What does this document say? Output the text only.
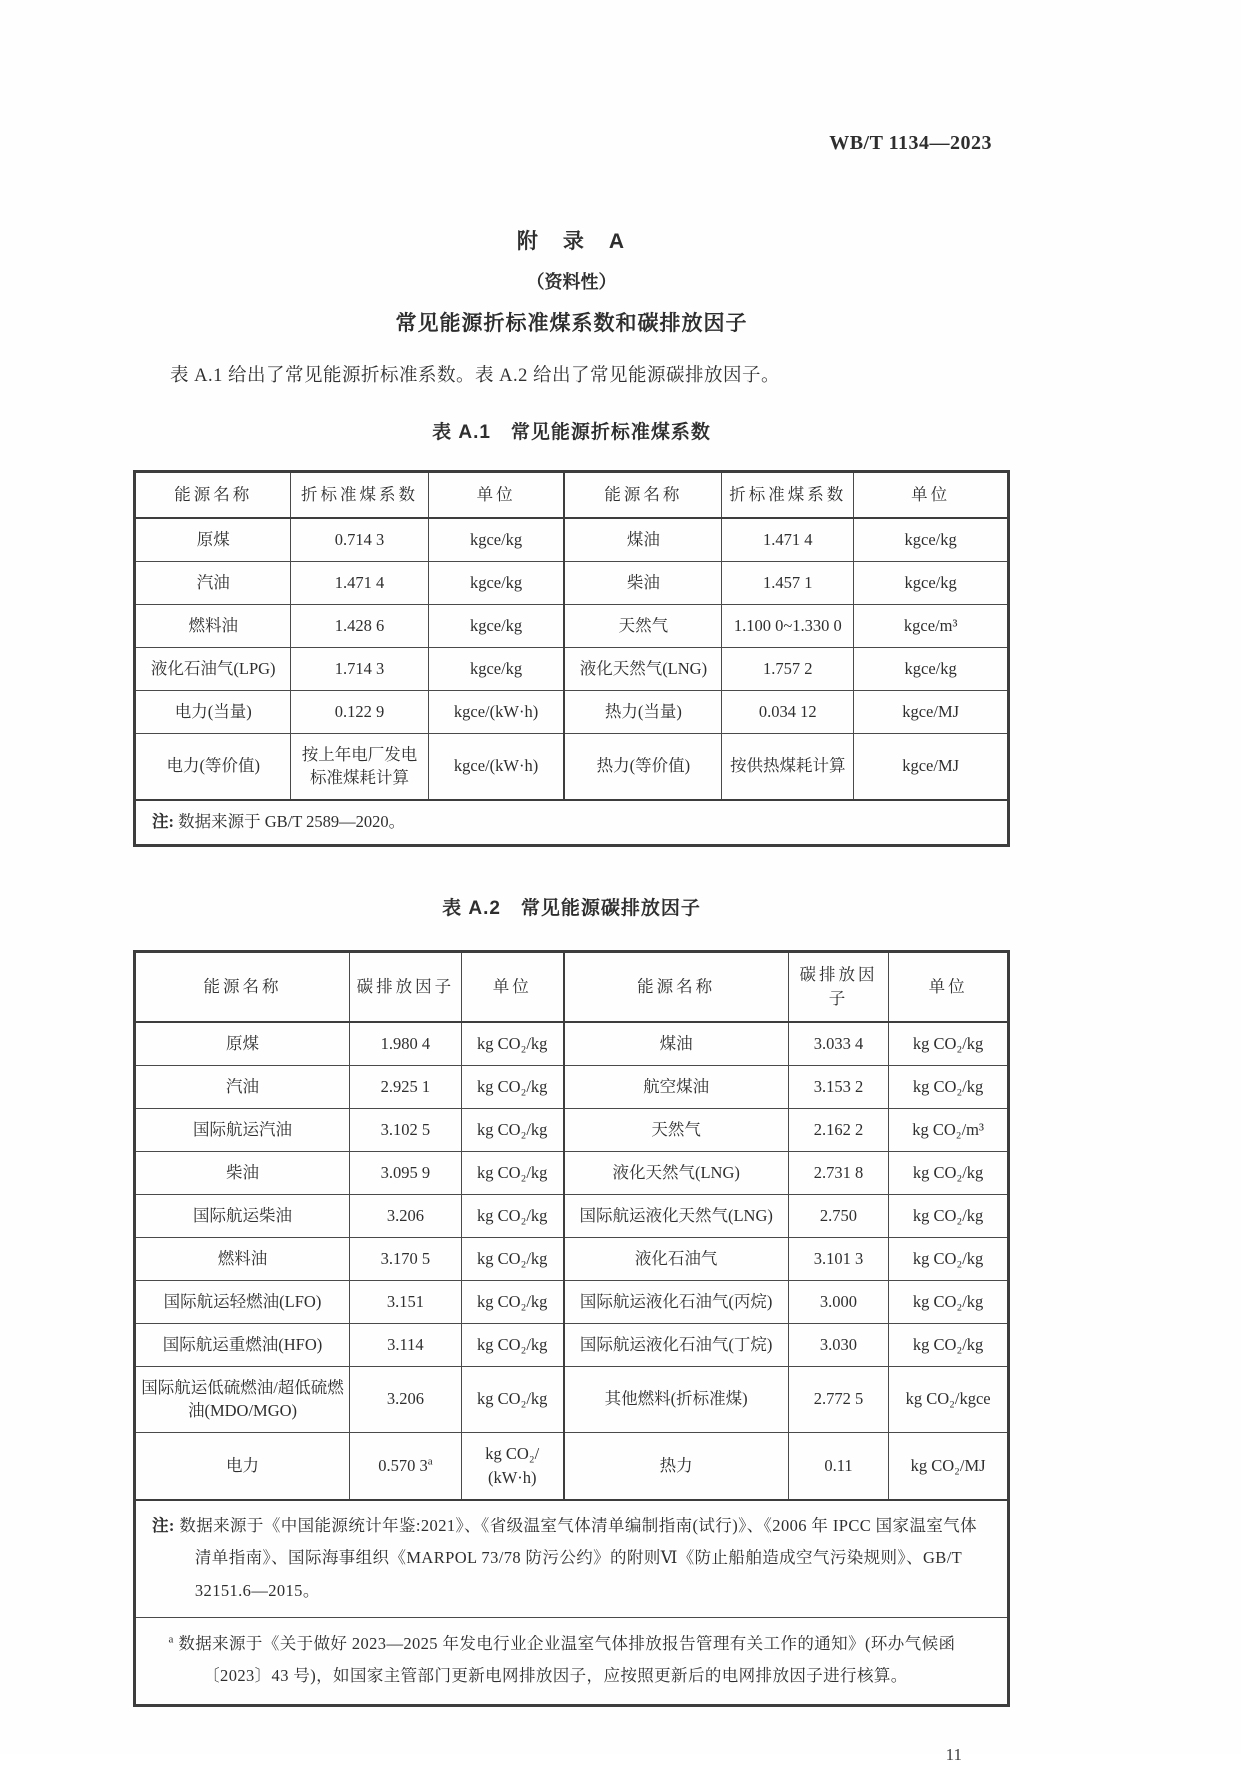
WB/T 1134—2023
附　录　A
（资料性）
常见能源折标准煤系数和碳排放因子

表 A.1 给出了常见能源折标准系数。表 A.2 给出了常见能源碳排放因子。

表 A.1　常见能源折标准煤系数
能源名称	折标准煤系数	单位	能源名称	折标准煤系数	单位
原煤	0.714 3	kgce/kg	煤油	1.471 4	kgce/kg
汽油	1.471 4	kgce/kg	柴油	1.457 1	kgce/kg
燃料油	1.428 6	kgce/kg	天然气	1.100 0~1.330 0	kgce/m³
液化石油气(LPG)	1.714 3	kgce/kg	液化天然气(LNG)	1.757 2	kgce/kg
电力(当量)	0.122 9	kgce/(kW·h)	热力(当量)	0.034 12	kgce/MJ
电力(等价值)	按上年电厂发电标准煤耗计算	kgce/(kW·h)	热力(等价值)	按供热煤耗计算	kgce/MJ
注: 数据来源于 GB/T 2589—2020。					
表 A.2　常见能源碳排放因子
能源名称	碳排放因子	单位	能源名称	碳排放因子	单位
原煤	1.980 4	kg CO₂/kg	煤油	3.033 4	kg CO₂/kg
汽油	2.925 1	kg CO₂/kg	航空煤油	3.153 2	kg CO₂/kg
国际航运汽油	3.102 5	kg CO₂/kg	天然气	2.162 2	kg CO₂/m³
柴油	3.095 9	kg CO₂/kg	液化天然气(LNG)	2.731 8	kg CO₂/kg
国际航运柴油	3.206	kg CO₂/kg	国际航运液化天然气(LNG)	2.750	kg CO₂/kg
燃料油	3.170 5	kg CO₂/kg	液化石油气	3.101 3	kg CO₂/kg
国际航运轻燃油(LFO)	3.151	kg CO₂/kg	国际航运液化石油气(丙烷)	3.000	kg CO₂/kg
国际航运重燃油(HFO)	3.114	kg CO₂/kg	国际航运液化石油气(丁烷)	3.030	kg CO₂/kg
国际航运低硫燃油/超低硫燃油(MDO/MGO)	3.206	kg CO₂/kg	其他燃料(折标准煤)	2.772 5	kg CO₂/kgce
电力	0.570 3$^a$	kg CO₂/​(kW·h)	热力	0.11	kg CO₂/MJ

注: 数据来源于《中国能源统计年鉴:2021》、《省级温室气体清单编制指南(试行)》、《2006 年 IPCC 国家温室气体清单指南》、国际海事组织《MARPOL 73/78 防污公约》的附则Ⅵ《防止船舶造成空气污染规则》、GB/T 32151.6—2015。					

$^a$ 数据来源于《关于做好 2023—2025 年发电行业企业温室气体排放报告管理有关工作的通知》(环办气候函〔2023〕43 号)，如国家主管部门更新电网排放因子，应按照更新后的电网排放因子进行核算。					
11
